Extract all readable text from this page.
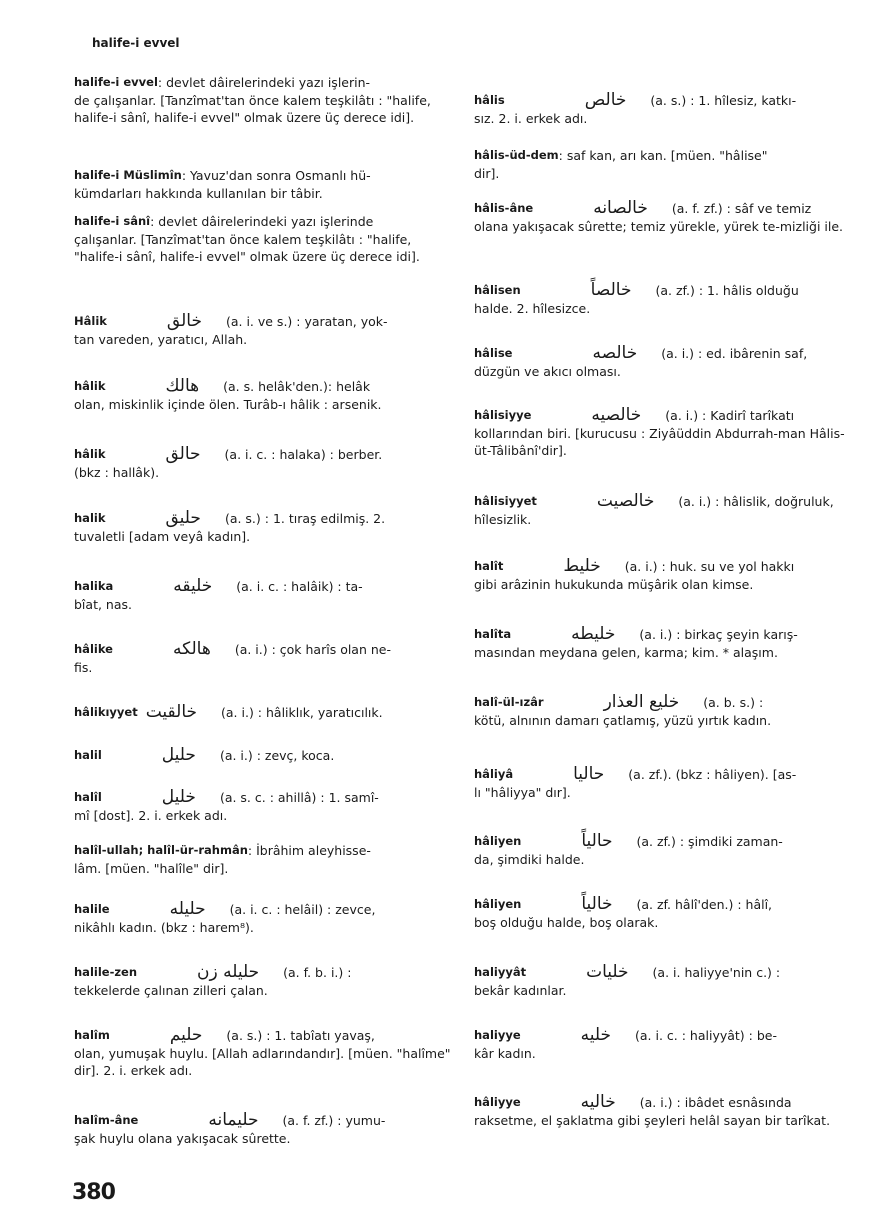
halife-i evvel
halife-i evvel : devlet dâirelerindeki yazı işlerin-
de çalışanlar. [Tanzîmat'tan önce kalem teşkilâtı : "halife, halife-i sânî, halife-i evvel" olmak üzere üç derece idi].
halife-i Müslimîn : Yavuz'dan sonra Osmanlı hü-
kümdarları hakkında kullanılan bir tâbir.
halife-i sânî : devlet dâirelerindeki yazı işlerinde
çalışanlar. [Tanzîmat'tan önce kalem teşkilâtı : "halife, "halife-i sânî, halife-i evvel" olmak üzere üç derece idi].
Hâlik	خالق (a. i. ve s.) : yaratan, yok-
tan vareden, yaratıcı, Allah.
hâlik	هالك (a. s. helâk'den.): helâk
olan, miskinlik içinde ölen. Turâb-ı hâlik : arsenik.
hâlik	حالق (a. i. c. : halaka) : berber.
(bkz : hallâk).
halik	حليق (a. s.) : 1. tıraş edilmiş. 2.
tuvaletli [adam veyâ kadın].
halika	خليقه (a. i. c. : halâik) : ta-
bîat, nas.
hâlike	هالكه (a. i.) : çok harîs olan ne-
fis.
hâlikıyyet خالقيت (a. i.) : hâliklık, yaratıcılık.
halil	حليل (a. i.) : zevç, koca.
halîl	خليل (a. s. c. : ahillâ) : 1. samî-
mî [dost]. 2. i. erkek adı.
halîl-ullah; halîl-ür-rahmân : İbrâhim aleyhisse-
lâm. [müen. "halîle" dir].
halile	حليله (a. i. c. : helâil) : zevce,
nikâhlı kadın. (bkz : harem⁸).
halile-zen	حليله زن (a. f. b. i.) :
tekkelerde çalınan zilleri çalan.
halîm	حليم (a. s.) : 1. tabîatı yavaş,
olan, yumuşak huylu. [Allah adlarındandır]. [müen. "halîme" dir]. 2. i. erkek adı.
halîm-âne	حليمانه (a. f. zf.) : yumu-
şak huylu olana yakışacak sûrette.
hâlis	خالص (a. s.) : 1. hîlesiz, katkı-
sız. 2. i. erkek adı.
hâlis-üd-dem : saf kan, arı kan. [müen. "hâlise"
dir].
hâlis-âne	خالصانه (a. f. zf.) : sâf ve temiz
olana yakışacak sûrette; temiz yürekle, yürek te-mizliği ile.
hâlisen	خالصاً (a. zf.) : 1. hâlis olduğu
halde. 2. hîlesizce.
hâlise	خالصه (a. i.) : ed. ibârenin saf,
düzgün ve akıcı olması.
hâlisiyye	خالصيه (a. i.) : Kadirî tarîkatı
kollarından biri. [kurucusu : Ziyâüddin Abdurrah-man Hâlis-üt-Tâlibânî'dir].
hâlisiyyet	خالصيت (a. i.) : hâlislik, doğruluk,
hîlesizlik.
halît	خليط (a. i.) : huk. su ve yol hakkı
gibi arâzinin hukukunda müşârik olan kimse.
halîta	خليطه (a. i.) : birkaç şeyin karış-
masından meydana gelen, karma; kim. * alaşım.
halî-ül-ızâr	خليع العذار (a. b. s.) :
kötü, alnının damarı çatlamış, yüzü yırtık kadın.
hâliyâ	حاليا (a. zf.). (bkz : hâliyen). [as-
lı "hâliyya" dır].
hâliyen	حالياً (a. zf.) : şimdiki zaman-
da, şimdiki halde.
hâliyen	خالياً (a. zf. hâlî'den.) : hâlî,
boş olduğu halde, boş olarak.
haliyyât	خليات (a. i. haliyye'nin c.) :
bekâr kadınlar.
haliyye	خليه (a. i. c. : haliyyât) : be-
kâr kadın.
hâliyye	خاليه (a. i.) : ibâdet esnâsında
raksetme, el şaklatma gibi şeyleri helâl sayan bir tarîkat.
380
